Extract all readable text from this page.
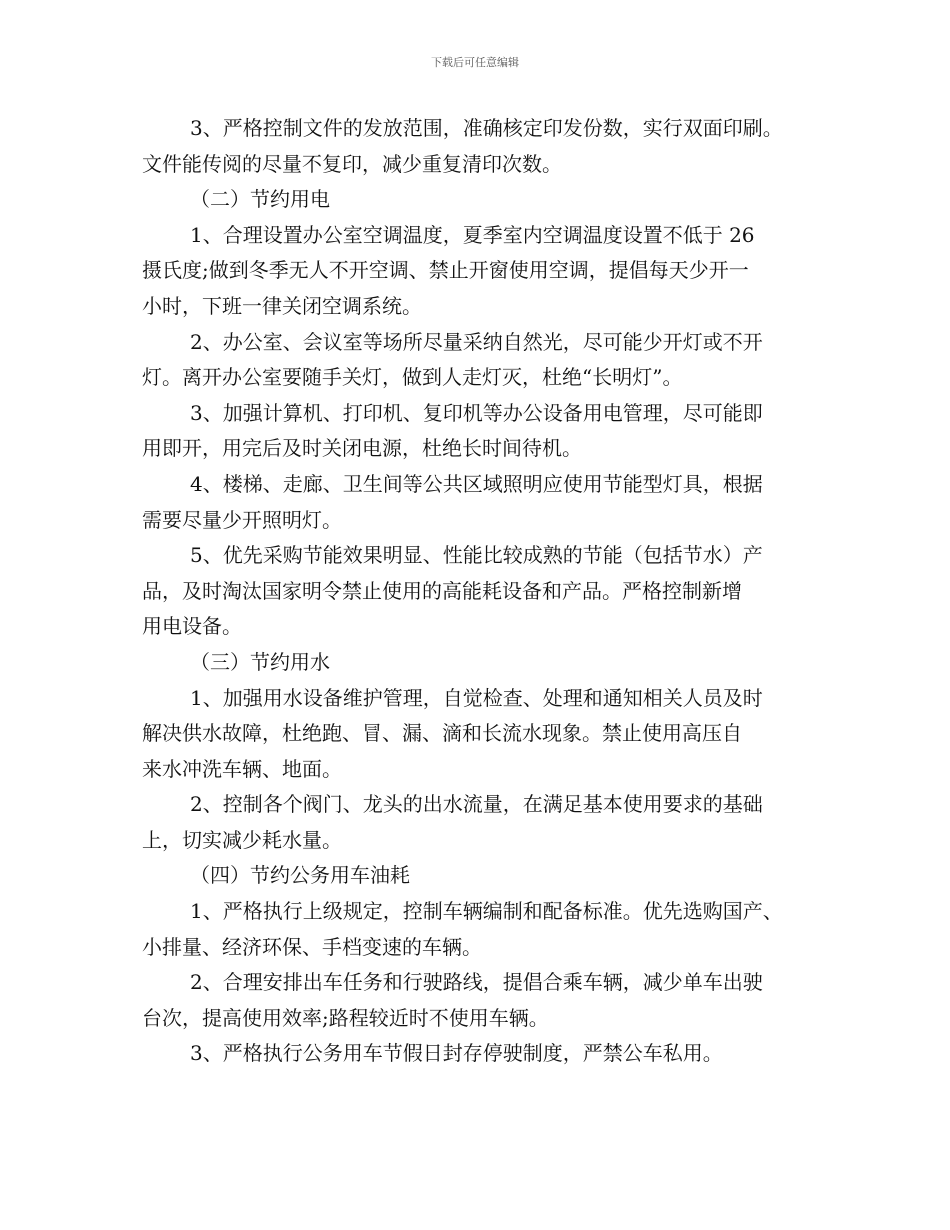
下载后可任意编辑
3、严格控制文件的发放范围，准确核定印发份数，实行双面印刷。
文件能传阅的尽量不复印，减少重复清印次数。
（二）节约用电
1、合理设置办公室空调温度，夏季室内空调温度设置不低于 26
摄氏度;做到冬季无人不开空调、禁止开窗使用空调，提倡每天少开一
小时，下班一律关闭空调系统。
2、办公室、会议室等场所尽量采纳自然光，尽可能少开灯或不开
灯。离开办公室要随手关灯，做到人走灯灭，杜绝“长明灯”。
3、加强计算机、打印机、复印机等办公设备用电管理，尽可能即
用即开，用完后及时关闭电源，杜绝长时间待机。
4、楼梯、走廊、卫生间等公共区域照明应使用节能型灯具，根据
需要尽量少开照明灯。
5、优先采购节能效果明显、性能比较成熟的节能（包括节水）产
品，及时淘汰国家明令禁止使用的高能耗设备和产品。严格控制新增
用电设备。
（三）节约用水
1、加强用水设备维护管理，自觉检查、处理和通知相关人员及时
解决供水故障，杜绝跑、冒、漏、滴和长流水现象。禁止使用高压自
来水冲洗车辆、地面。
2、控制各个阀门、龙头的出水流量，在满足基本使用要求的基础
上，切实减少耗水量。
（四）节约公务用车油耗
1、严格执行上级规定，控制车辆编制和配备标准。优先选购国产、
小排量、经济环保、手档变速的车辆。
2、合理安排出车任务和行驶路线，提倡合乘车辆，减少单车出驶
台次，提高使用效率;路程较近时不使用车辆。
3、严格执行公务用车节假日封存停驶制度，严禁公车私用。
